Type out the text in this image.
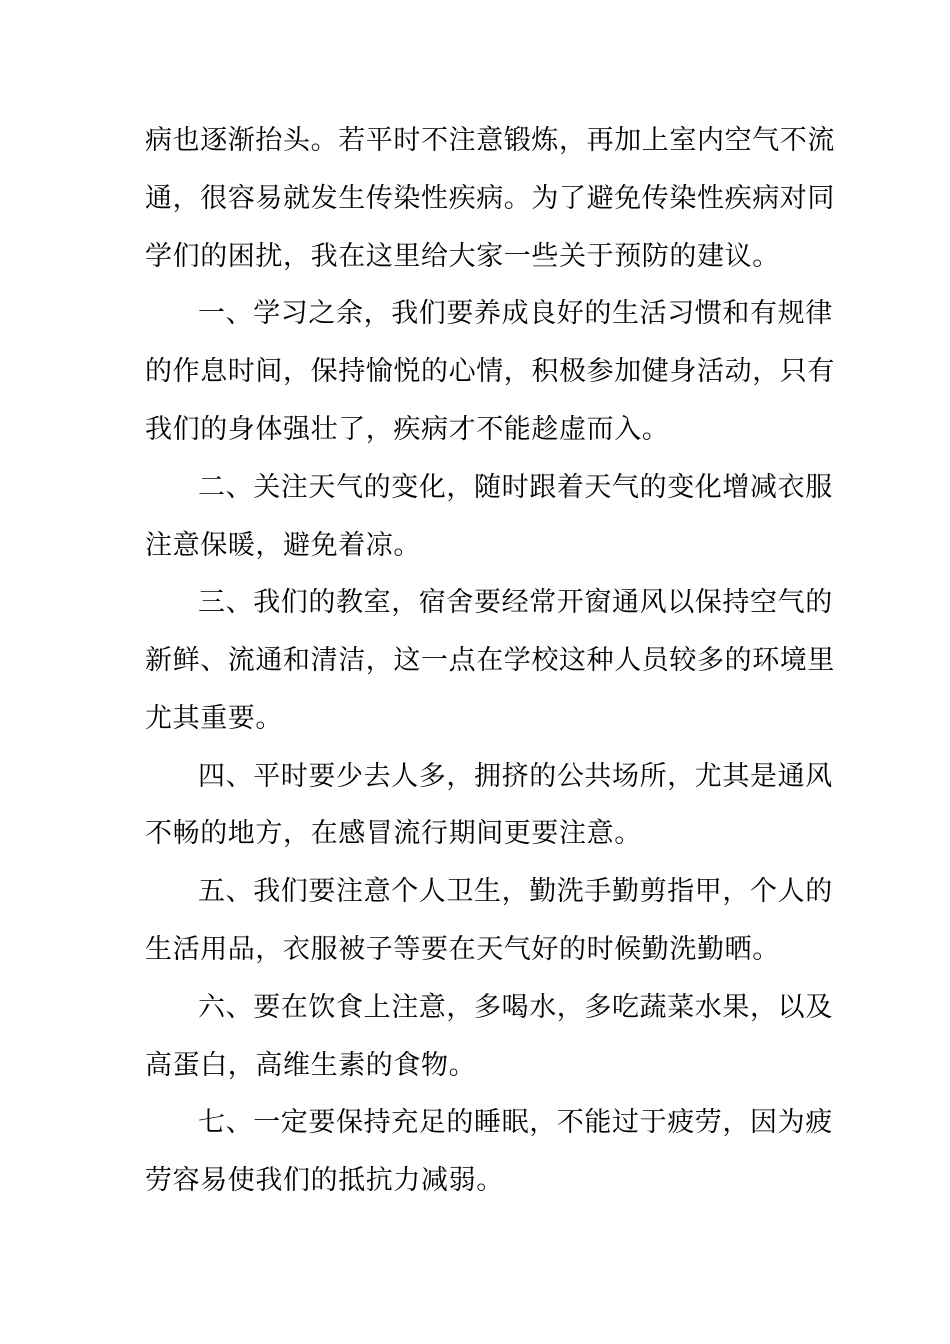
病也逐渐抬头。若平时不注意锻炼，再加上室内空气不流
通，很容易就发生传染性疾病。为了避免传染性疾病对同
学们的困扰，我在这里给大家一些关于预防的建议。
一、学习之余，我们要养成良好的生活习惯和有规律
的作息时间，保持愉悦的心情，积极参加健身活动，只有
我们的身体强壮了，疾病才不能趁虚而入。
二、关注天气的变化，随时跟着天气的变化增减衣服
注意保暖，避免着凉。
三、我们的教室，宿舍要经常开窗通风以保持空气的
新鲜、流通和清洁，这一点在学校这种人员较多的环境里
尤其重要。
四、平时要少去人多，拥挤的公共场所，尤其是通风
不畅的地方，在感冒流行期间更要注意。
五、我们要注意个人卫生，勤洗手勤剪指甲，个人的
生活用品，衣服被子等要在天气好的时候勤洗勤晒。
六、要在饮食上注意，多喝水，多吃蔬菜水果，以及
高蛋白，高维生素的食物。
七、一定要保持充足的睡眠，不能过于疲劳，因为疲
劳容易使我们的抵抗力减弱。
